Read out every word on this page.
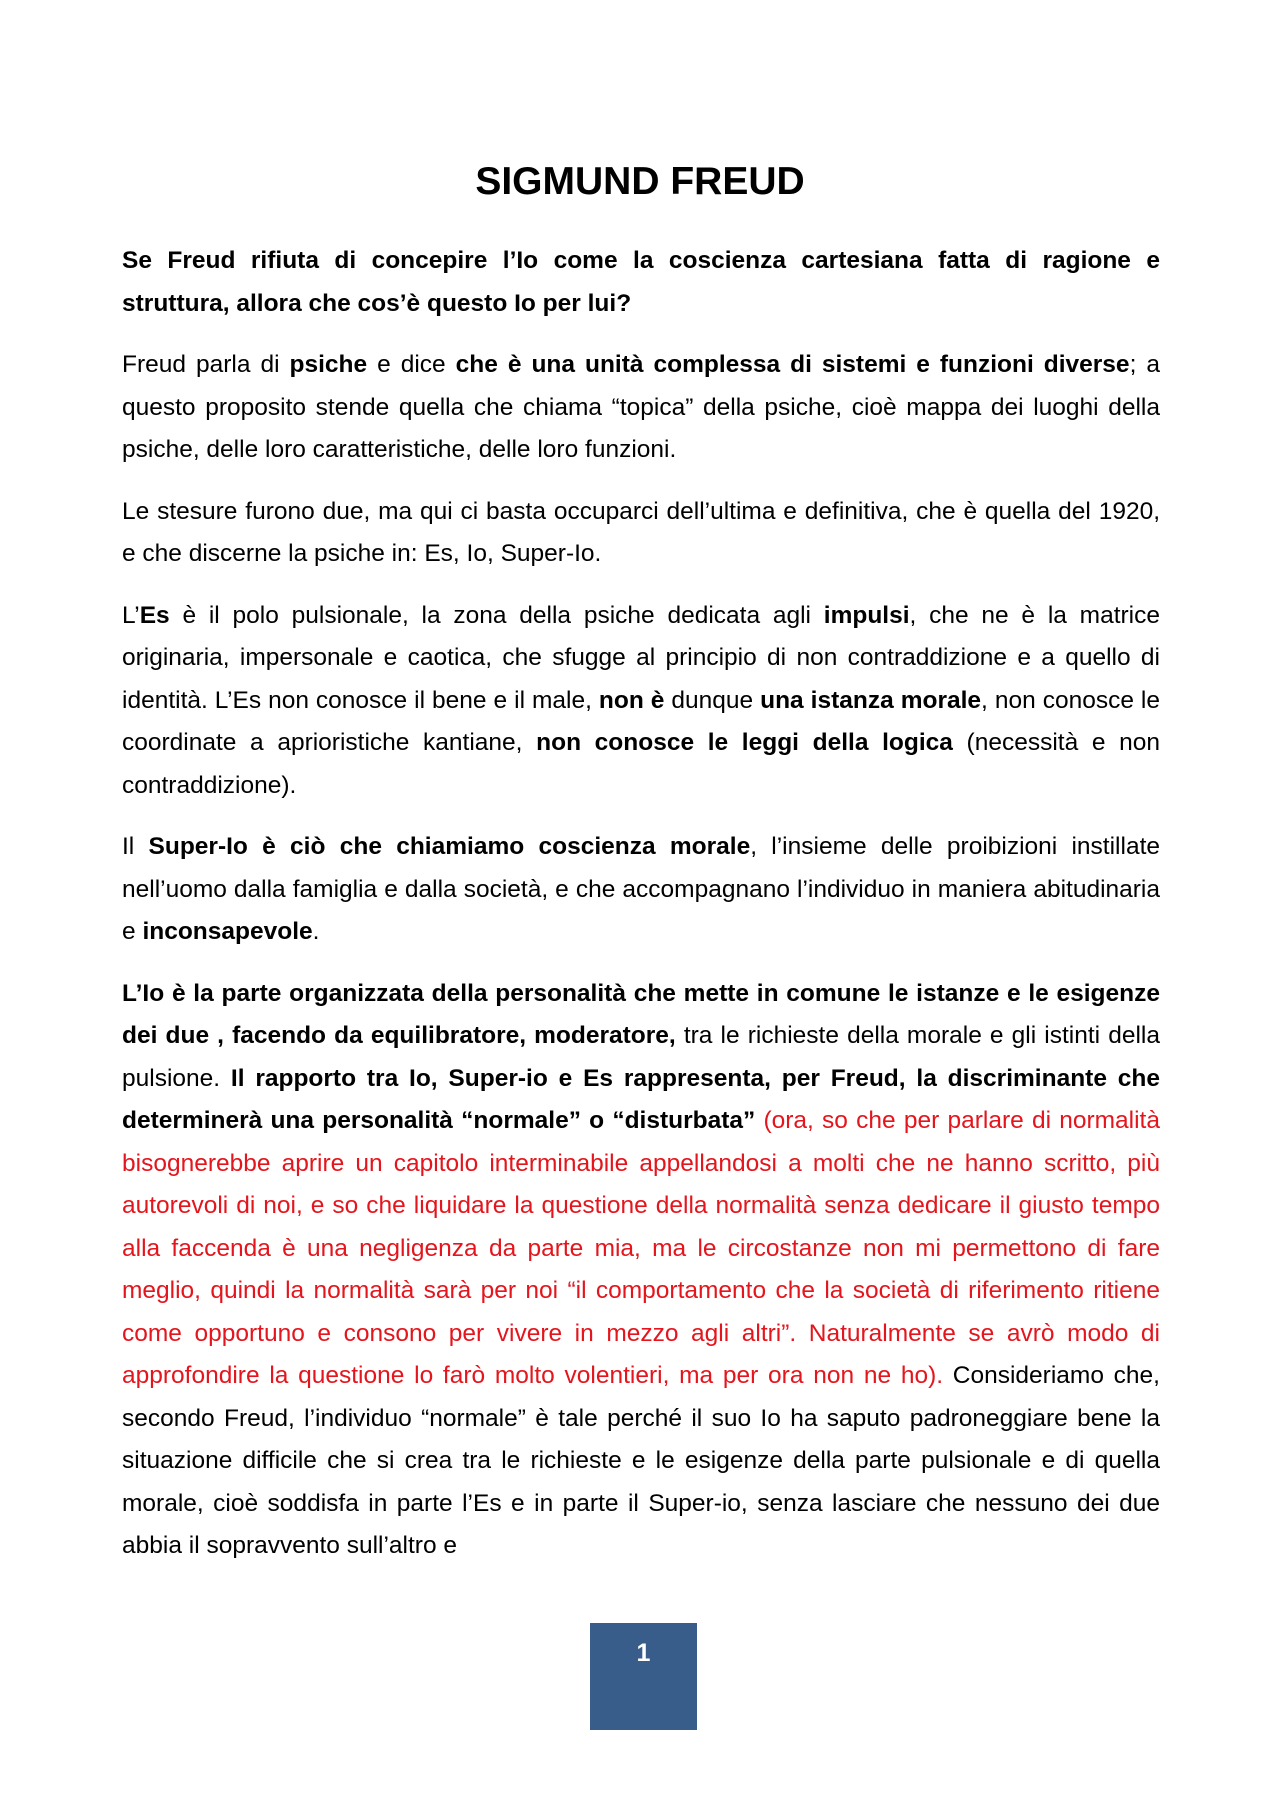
SIGMUND FREUD

Se Freud rifiuta di concepire l’Io come la coscienza cartesiana fatta di ragione e struttura, allora che cos’è questo Io per lui?

Freud parla di psiche e dice che è una unità complessa di sistemi e funzioni diverse; a questo proposito stende quella che chiama “topica” della psiche, cioè mappa dei luoghi della psiche, delle loro caratteristiche, delle loro funzioni.

Le stesure furono due, ma qui ci basta occuparci dell’ultima e definitiva, che è quella del 1920, e che discerne la psiche in: Es, Io, Super-Io.

L’Es è il polo pulsionale, la zona della psiche dedicata agli impulsi, che ne è la matrice originaria, impersonale e caotica, che sfugge al principio di non contraddizione e a quello di identità. L’Es non conosce il bene e il male, non è dunque una istanza morale, non conosce le coordinate a aprioristiche kantiane, non conosce le leggi della logica (necessità e non contraddizione).

Il Super-Io è ciò che chiamiamo coscienza morale, l’insieme delle proibizioni instillate nell’uomo dalla famiglia e dalla società, e che accompagnano l’individuo in maniera abitudinaria e inconsapevole.

L’Io è la parte organizzata della personalità che mette in comune le istanze e le esigenze dei due , facendo da equilibratore, moderatore, tra le richieste della morale e gli istinti della pulsione. Il rapporto tra Io, Super-io e Es rappresenta, per Freud, la discriminante che determinerà una personalità “normale” o “disturbata” (ora, so che per parlare di normalità bisognerebbe aprire un capitolo interminabile appellandosi a molti che ne hanno scritto, più autorevoli di noi, e so che liquidare la questione della normalità senza dedicare il giusto tempo alla faccenda è una negligenza da parte mia, ma le circostanze non mi permettono di fare meglio, quindi la normalità sarà per noi “il comportamento che la società di riferimento ritiene come opportuno e consono per vivere in mezzo agli altri”. Naturalmente se avrò modo di approfondire la questione lo farò molto volentieri, ma per ora non ne ho). Consideriamo che, secondo Freud, l’individuo “normale” è tale perché il suo Io ha saputo padroneggiare bene la situazione difficile che si crea tra le richieste e le esigenze della parte pulsionale e di quella morale, cioè soddisfa in parte l’Es e in parte il Super-io, senza lasciare che nessuno dei due abbia il sopravvento sull’altro e

1
